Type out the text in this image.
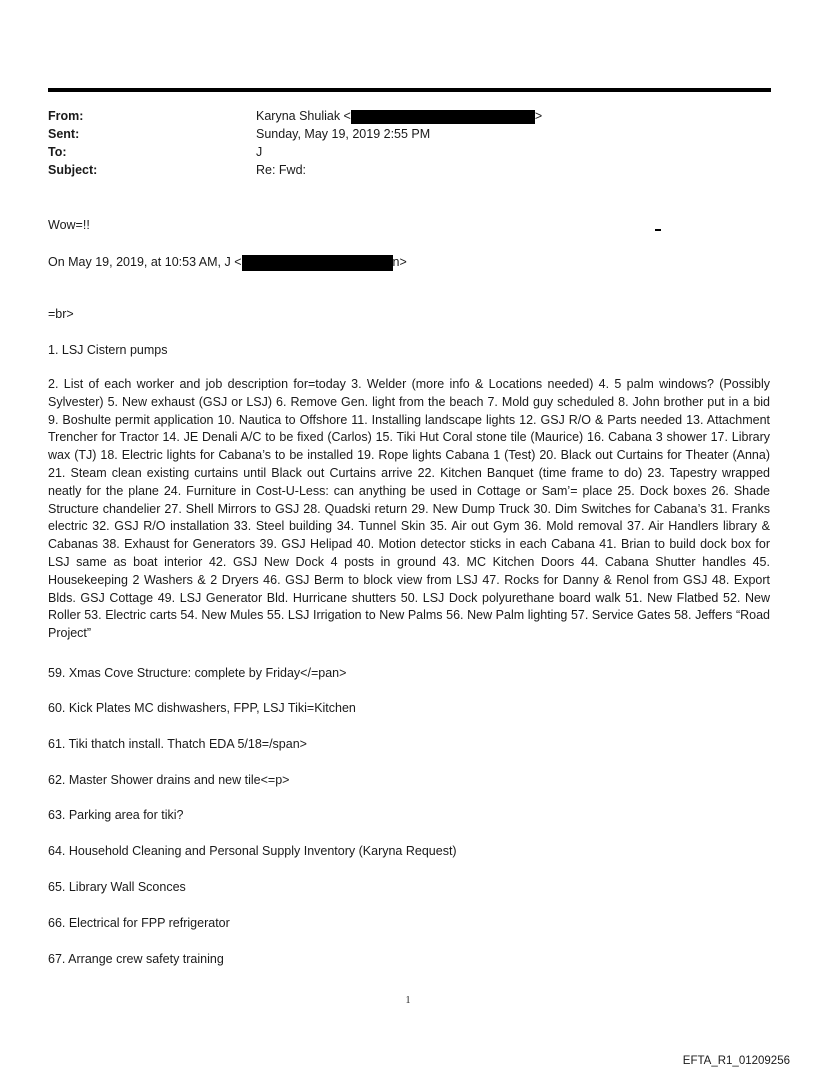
From:	Karyna Shuliak <	>
Sent:	Sunday, May 19, 2019 2:55 PM
To:	J
Subject:	Re: Fwd:
Wow=!!
On May 19, 2019, at 10:53 AM, J <	n>
=br>
1. LSJ Cistern pumps
2. List of each worker and job description for=today 3. Welder (more info & Locations needed) 4. 5 palm windows? (Possibly Sylvester) 5. New exhaust (GSJ or LSJ) 6. Remove Gen. light from the beach 7. Mold guy scheduled 8. John brother put in a bid 9. Boshulte permit application 10. Nautica to Offshore 11. Installing landscape lights 12. GSJ R/O & Parts needed 13. Attachment Trencher for Tractor 14. JE Denali A/C to be fixed (Carlos) 15. Tiki Hut Coral stone tile (Maurice) 16. Cabana 3 shower 17. Library wax (TJ) 18. Electric lights for Cabana’s to be installed 19. Rope lights Cabana 1 (Test) 20. Black out Curtains for Theater (Anna) 21. Steam clean existing curtains until Black out Curtains arrive 22. Kitchen Banquet (time frame to do) 23. Tapestry wrapped neatly for the plane 24. Furniture in Cost-U-Less: can anything be used in Cottage or Sam’= place 25. Dock boxes 26. Shade Structure chandelier 27. Shell Mirrors to GSJ 28. Quadski return 29. New Dump Truck 30. Dim Switches for Cabana’s 31. Franks electric 32. GSJ R/O installation 33. Steel building 34. Tunnel Skin 35. Air out Gym 36. Mold removal 37. Air Handlers library & Cabanas 38. Exhaust for Generators 39. GSJ Helipad 40. Motion detector sticks in each Cabana 41. Brian to build dock box for LSJ same as boat interior 42. GSJ New Dock 4 posts in ground 43. MC Kitchen Doors 44. Cabana Shutter handles 45. Housekeeping 2 Washers & 2 Dryers 46. GSJ Berm to block view from LSJ 47. Rocks for Danny & Renol from GSJ 48. Export Blds. GSJ Cottage 49. LSJ Generator Bld. Hurricane shutters 50. LSJ Dock polyurethane board walk 51. New Flatbed 52. New Roller 53. Electric carts 54. New Mules 55. LSJ Irrigation to New Palms 56. New Palm lighting 57. Service Gates 58. Jeffers “Road Project”
59. Xmas Cove Structure: complete by Friday</=pan>
60. Kick Plates MC dishwashers, FPP, LSJ Tiki=Kitchen
61. Tiki thatch install. Thatch EDA 5/18=/span>
62. Master Shower drains and new tile<=p>
63. Parking area for tiki?
64. Household Cleaning and Personal Supply Inventory (Karyna Request)
65. Library Wall Sconces
66. Electrical for FPP refrigerator
67. Arrange crew safety training
1
EFTA_R1_01209256
